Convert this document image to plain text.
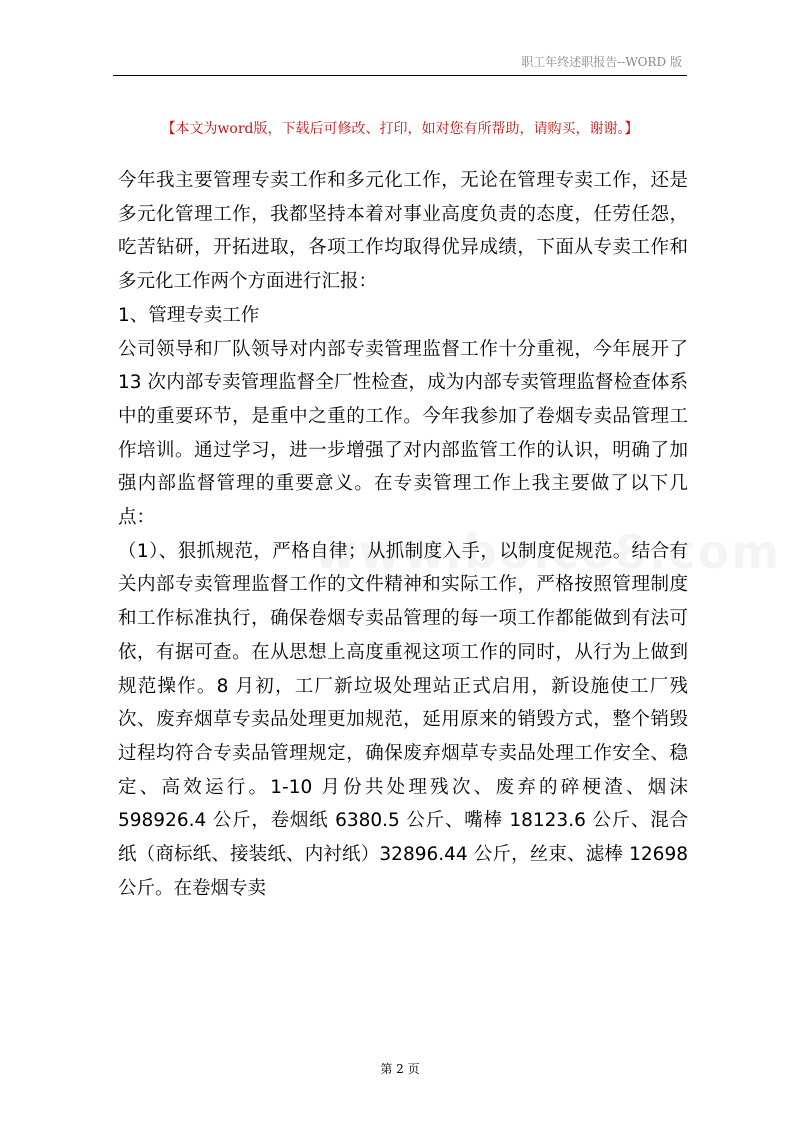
职工年终述职报告--WORD 版
【本文为word版，下载后可修改、打印，如对您有所帮助，请购买，谢谢。】

今年我主要管理专卖工作和多元化工作，无论在管理专卖工作，还是多元化管理工作，我都坚持本着对事业高度负责的态度，任劳任怨，吃苦钻研，开拓进取，各项工作均取得优异成绩，下面从专卖工作和多元化工作两个方面进行汇报：

1、管理专卖工作

公司领导和厂队领导对内部专卖管理监督工作十分重视，今年展开了 13 次内部专卖管理监督全厂性检查，成为内部专卖管理监督检查体系中的重要环节，是重中之重的工作。今年我参加了卷烟专卖品管理工作培训。通过学习，进一步增强了对内部监管工作的认识，明确了加强内部监督管理的重要意义。在专卖管理工作上我主要做了以下几点：

（1）、狠抓规范，严格自律；从抓制度入手，以制度促规范。结合有关内部专卖管理监督工作的文件精神和实际工作，严格按照管理制度和工作标准执行，确保卷烟专卖品管理的每一项工作都能做到有法可依，有据可查。在从思想上高度重视这项工作的同时，从行为上做到规范操作。8 月初，工厂新垃圾处理站正式启用，新设施使工厂残次、废弃烟草专卖品处理更加规范，延用原来的销毁方式，整个销毁过程均符合专卖品管理规定，确保废弃烟草专卖品处理工作安全、稳定、高效运行。1-10 月份共处理残次、废弃的碎梗渣、烟沫 598926.4 公斤，卷烟纸 6380.5 公斤、嘴棒 18123.6 公斤、混合纸（商标纸、接装纸、内衬纸）32896.44 公斤，丝束、滤棒 12698 公斤。在卷烟专卖

第 2 页
